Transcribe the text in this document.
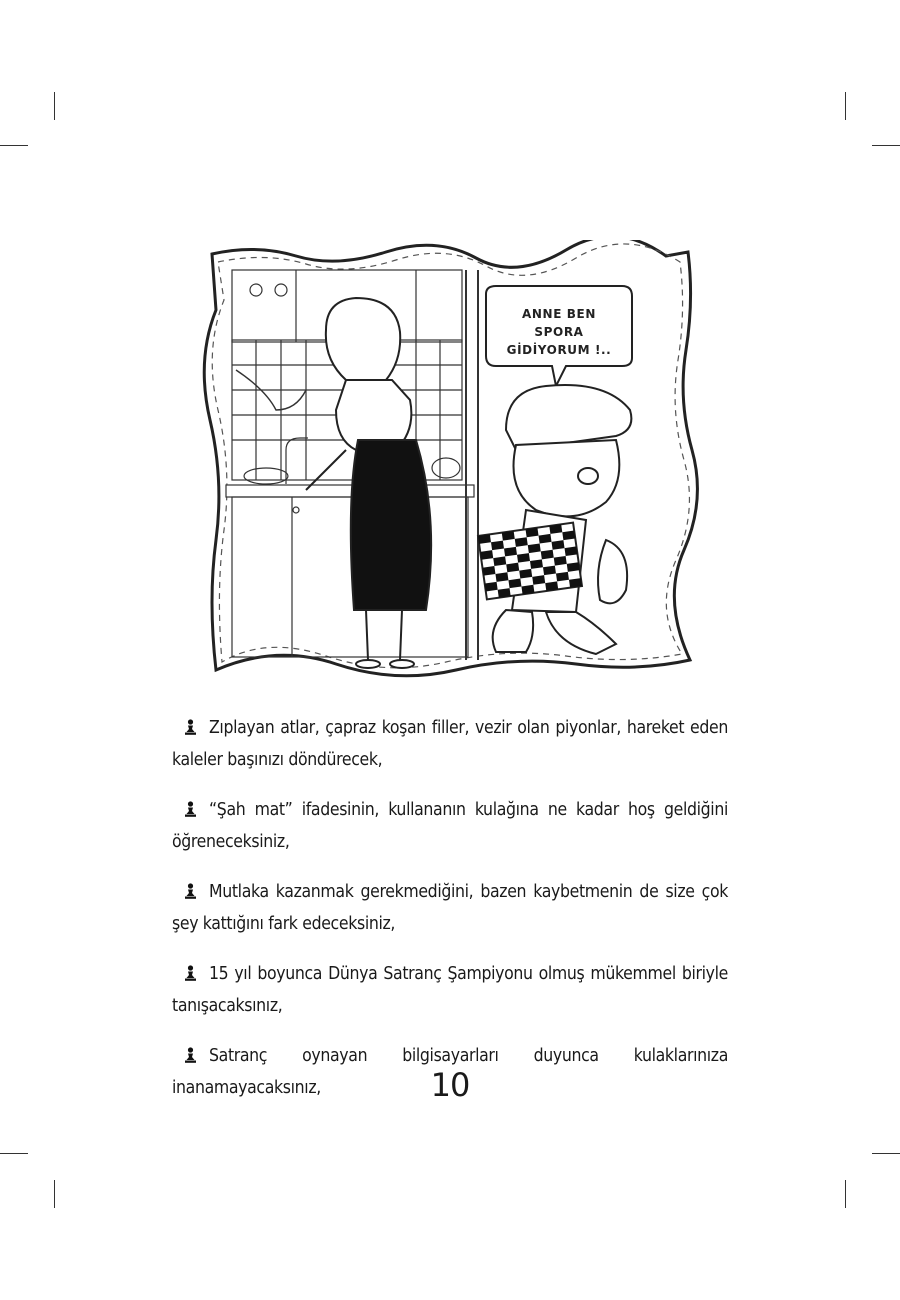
ANNE BEN
SPORA
GİDİYORUM !..

Zıplayan atlar, çapraz koşan filler, vezir olan piyonlar, hareket eden kaleler başınızı döndürecek,

“Şah mat” ifadesinin, kullananın kulağına ne kadar hoş geldiğini öğreneceksiniz,

Mutlaka kazanmak gerekmediğini, bazen kaybetmenin de size çok şey kattığını fark edeceksiniz,

15 yıl boyunca Dünya Satranç Şampiyonu olmuş mükemmel biriyle tanışacaksınız,

Satranç oynayan bilgisayarları duyunca kulaklarınıza inanamayacaksınız,	10
